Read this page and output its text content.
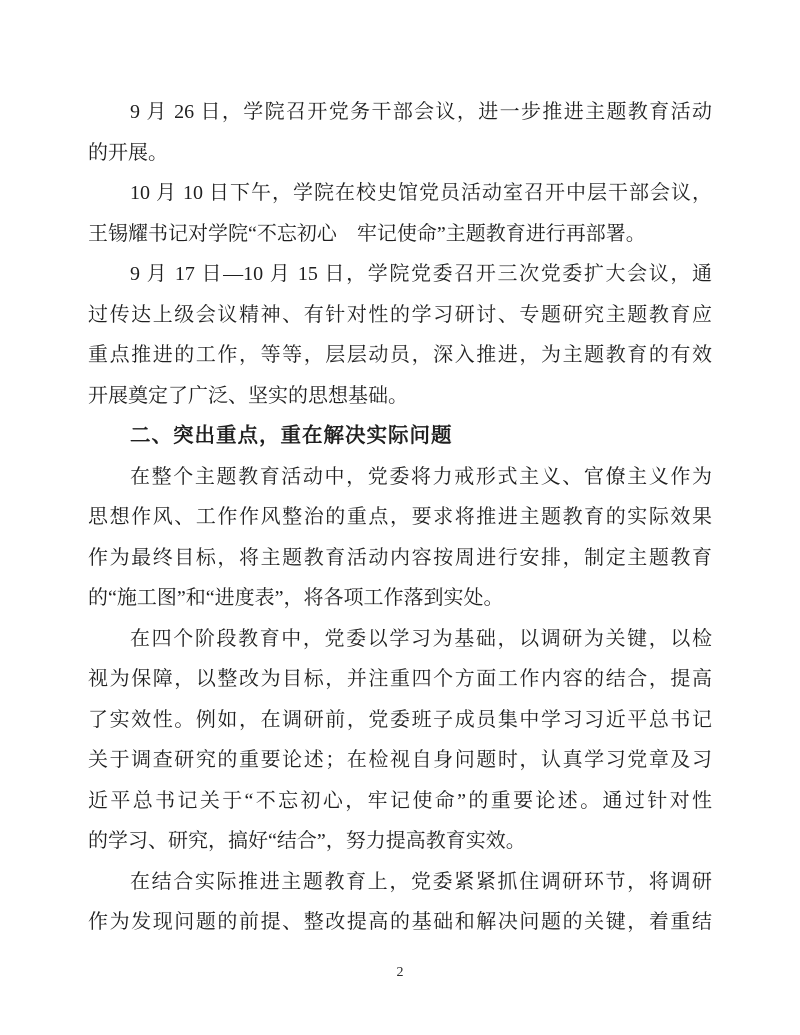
9 月 26 日，学院召开党务干部会议，进一步推进主题教育活动
的开展。
10 月 10 日下午，学院在校史馆党员活动室召开中层干部会议，
王锡耀书记对学院“不忘初心　牢记使命”主题教育进行再部署。
9 月 17 日—10 月 15 日，学院党委召开三次党委扩大会议，通
过传达上级会议精神、有针对性的学习研讨、专题研究主题教育应
重点推进的工作，等等，层层动员，深入推进，为主题教育的有效
开展奠定了广泛、坚实的思想基础。
二、突出重点，重在解决实际问题
在整个主题教育活动中，党委将力戒形式主义、官僚主义作为
思想作风、工作作风整治的重点，要求将推进主题教育的实际效果
作为最终目标，将主题教育活动内容按周进行安排，制定主题教育
的“施工图”和“进度表”，将各项工作落到实处。
在四个阶段教育中，党委以学习为基础，以调研为关键，以检
视为保障，以整改为目标，并注重四个方面工作内容的结合，提高
了实效性。例如，在调研前，党委班子成员集中学习习近平总书记
关于调查研究的重要论述；在检视自身问题时，认真学习党章及习
近平总书记关于“不忘初心，牢记使命”的重要论述。通过针对性
的学习、研究，搞好“结合”，努力提高教育实效。
在结合实际推进主题教育上，党委紧紧抓住调研环节，将调研
作为发现问题的前提、整改提高的基础和解决问题的关键，着重结
2
